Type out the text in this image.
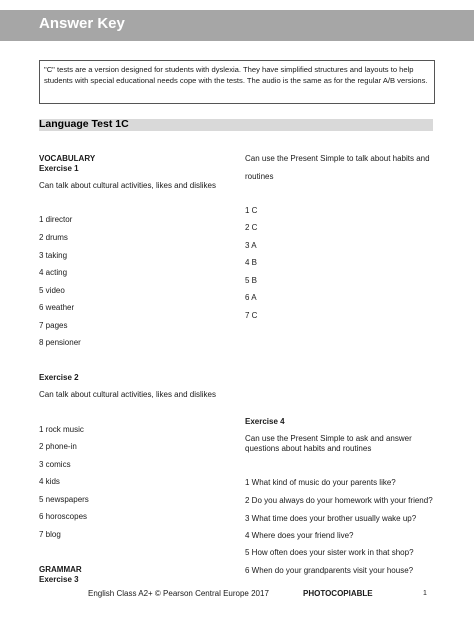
Answer Key
"C" tests are a version designed for students with dyslexia. They have simplified structures and layouts to help students with special educational needs cope with the tests. The audio is the same as for the regular A/B versions.
Language Test 1C
VOCABULARY
Exercise 1
Can talk about cultural activities, likes and dislikes
1 director
2 drums
3 taking
4 acting
5 video
6 weather
7 pages
8 pensioner
Exercise 2
Can talk about cultural activities, likes and dislikes
1 rock music
2 phone-in
3 comics
4 kids
5 newspapers
6 horoscopes
7 blog
GRAMMAR
Exercise 3
Can use the Present Simple to talk about habits and
routines
1 C
2 C
3 A
4 B
5 B
6 A
7 C
Exercise 4
Can use the Present Simple to ask and answer questions about habits and routines
1 What kind of music do your parents like?
2 Do you always do your homework with your friend?
3 What time does your brother usually wake up?
4 Where does your friend live?
5 How often does your sister work in that shop?
6 When do your grandparents visit your house?
English Class A2+ © Pearson Central Europe 2017	PHOTOCOPIABLE	1
